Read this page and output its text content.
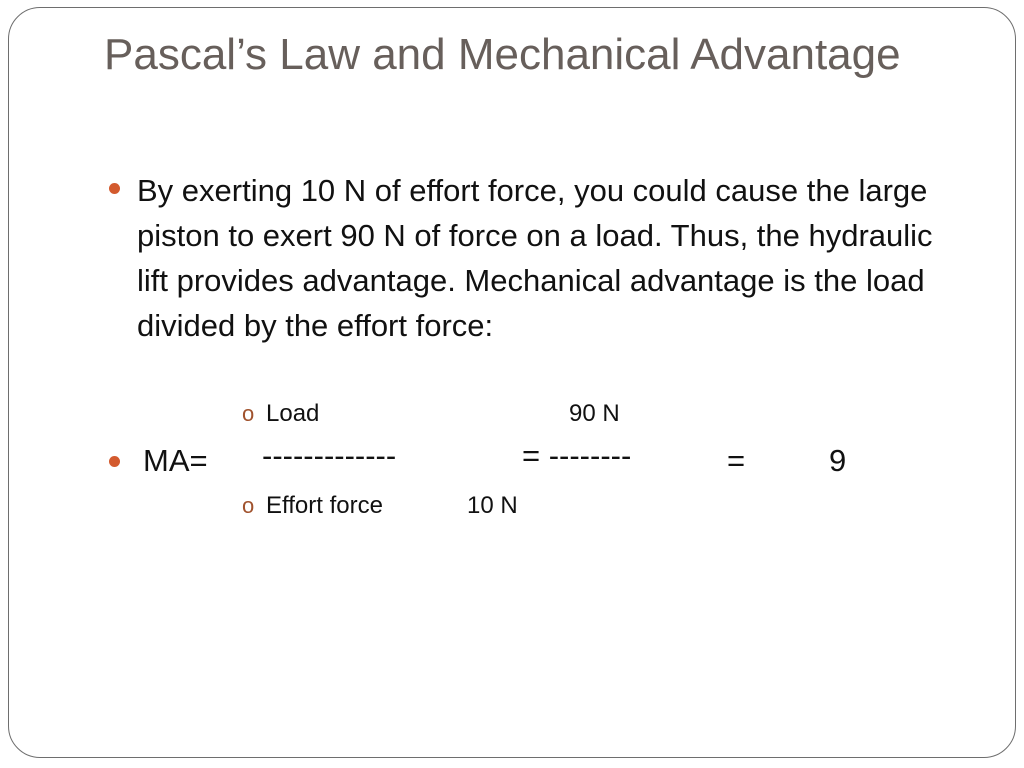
Pascal’s Law and Mechanical Advantage

By exerting 10 N of effort force, you could cause the large piston to exert 90 N of force on a load. Thus, the hydraulic lift provides advantage. Mechanical advantage is the load divided by the effort force:

o Load	90 N
MA= -------------	= --------	=	9
o Effort force	10 N
